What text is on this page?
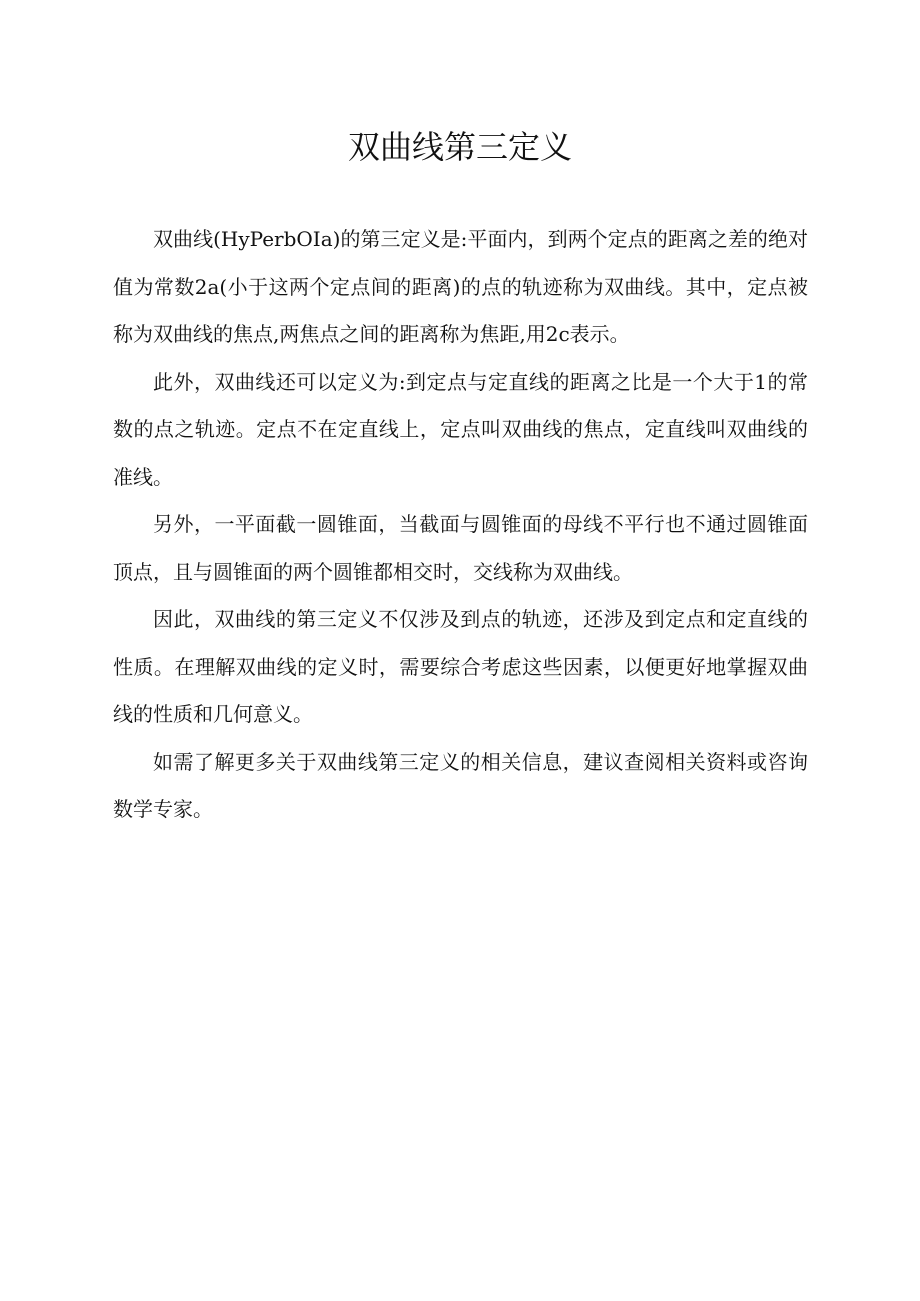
双曲线第三定义

双曲线(HyPerbOIa)的第三定义是:平面内，到两个定点的距离之差的绝对值为常数2a(小于这两个定点间的距离)的点的轨迹称为双曲线。其中，定点被称为双曲线的焦点,两焦点之间的距离称为焦距,用2c表示。

此外，双曲线还可以定义为:到定点与定直线的距离之比是一个大于1的常数的点之轨迹。定点不在定直线上，定点叫双曲线的焦点，定直线叫双曲线的准线。

另外，一平面截一圆锥面，当截面与圆锥面的母线不平行也不通过圆锥面顶点，且与圆锥面的两个圆锥都相交时，交线称为双曲线。

因此，双曲线的第三定义不仅涉及到点的轨迹，还涉及到定点和定直线的性质。在理解双曲线的定义时，需要综合考虑这些因素，以便更好地掌握双曲线的性质和几何意义。

如需了解更多关于双曲线第三定义的相关信息，建议查阅相关资料或咨询数学专家。
